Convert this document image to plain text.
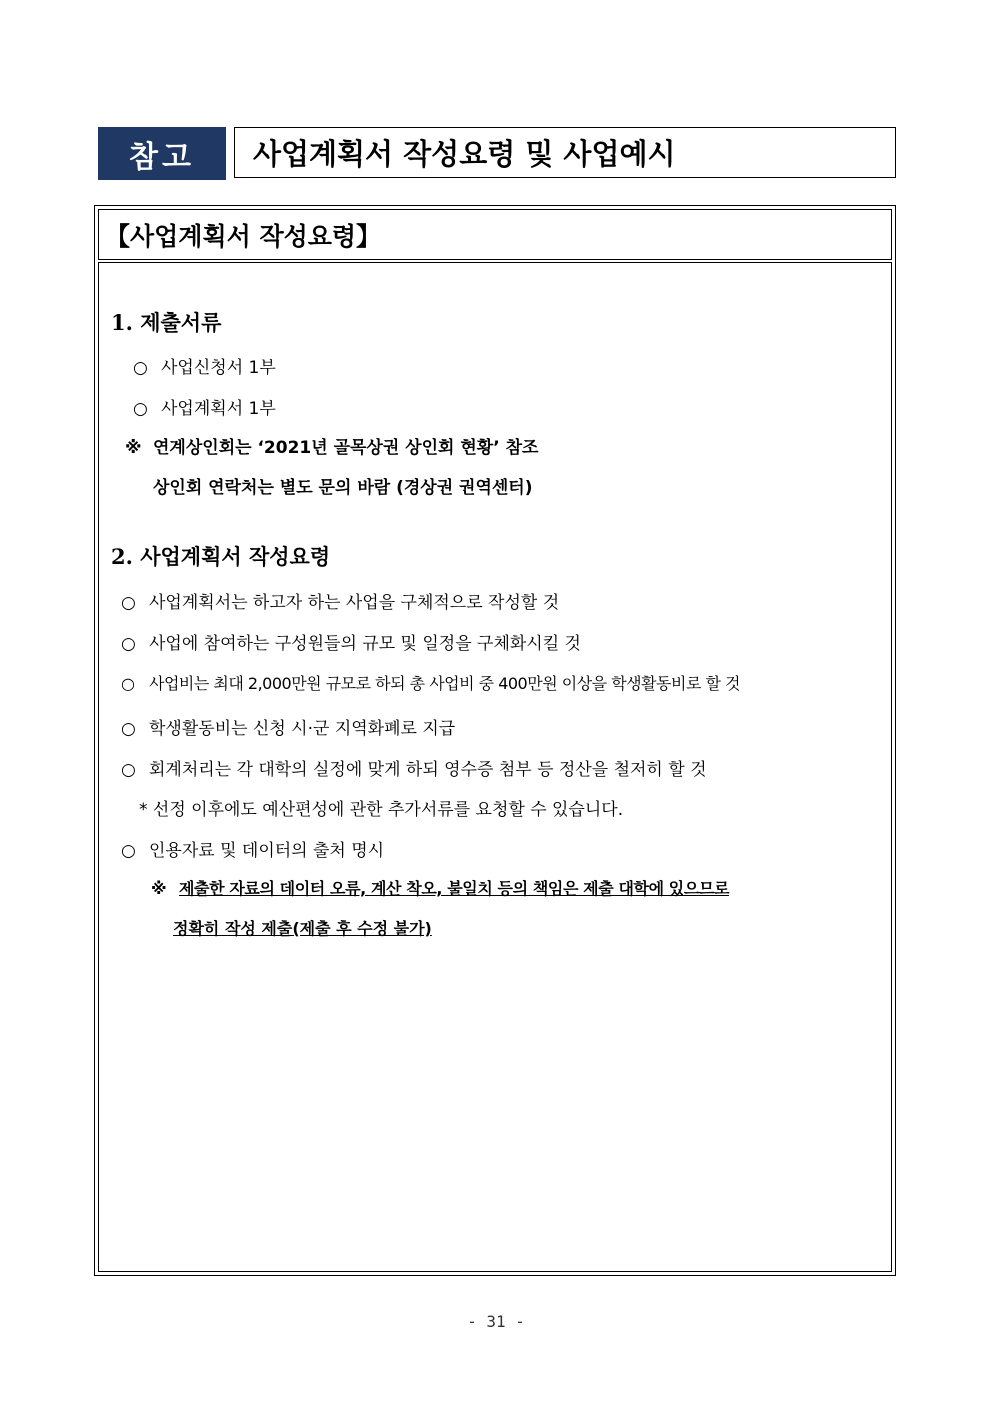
참고 사업계획서 작성요령 및 사업예시
【사업계획서 작성요령】
1. 제출서류
○ 사업신청서 1부
○ 사업계획서 1부
※ 연계상인회는 ‘2021년 골목상권 상인회 현황’ 참조
상인회 연락처는 별도 문의 바람 (경상권 권역센터)
2. 사업계획서 작성요령
○ 사업계획서는 하고자 하는 사업을 구체적으로 작성할 것
○ 사업에 참여하는 구성원들의 규모 및 일정을 구체화시킬 것
○ 사업비는 최대 2,000만원 규모로 하되 총 사업비 중 400만원 이상을 학생활동비로 할 것
○ 학생활동비는 신청 시·군 지역화폐로 지급
○ 회계처리는 각 대학의 실정에 맞게 하되 영수증 첨부 등 정산을 철저히 할 것
* 선정 이후에도 예산편성에 관한 추가서류를 요청할 수 있습니다.
○ 인용자료 및 데이터의 출처 명시
※ 제출한 자료의 데이터 오류, 계산 착오, 불일치 등의 책임은 제출 대학에 있으므로
정확히 작성 제출(제출 후 수정 불가)
- 31 -
